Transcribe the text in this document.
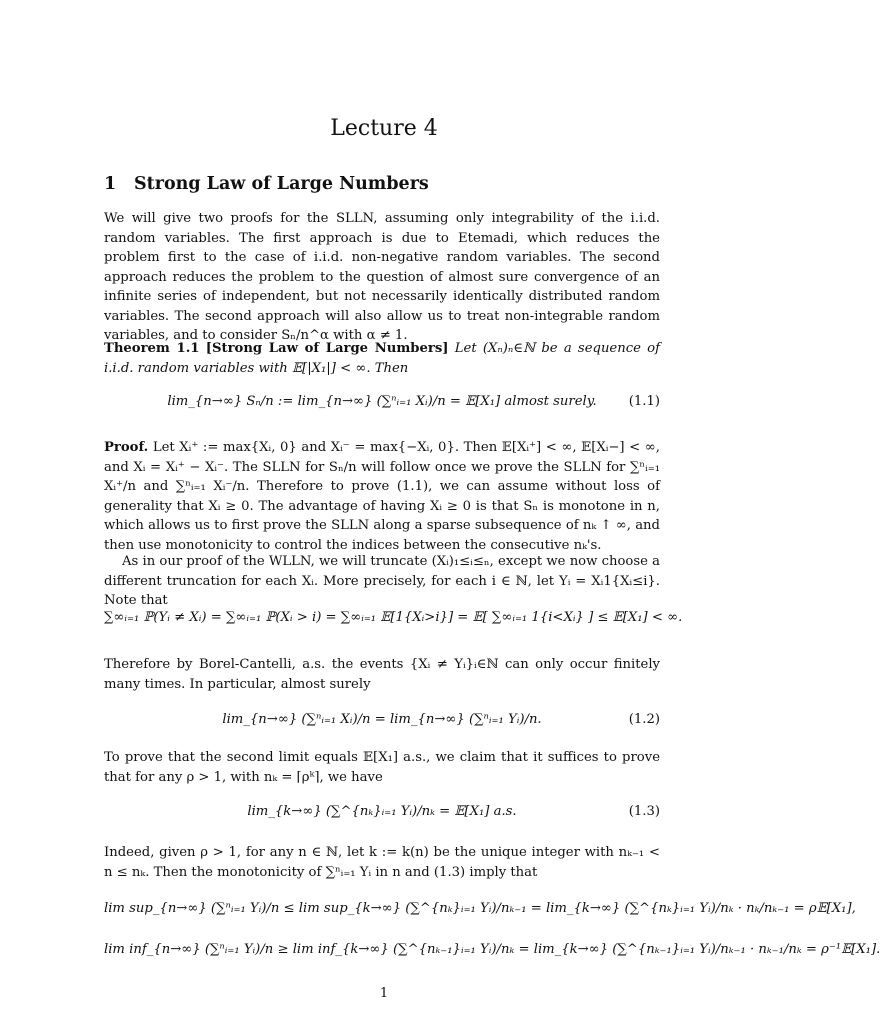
Lecture 4
1 Strong Law of Large Numbers
We will give two proofs for the SLLN, assuming only integrability of the i.i.d. random variables. The first approach is due to Etemadi, which reduces the problem first to the case of i.i.d. non-negative random variables. The second approach reduces the problem to the question of almost sure convergence of an infinite series of independent, but not necessarily identically distributed random variables. The second approach will also allow us to treat non-integrable random variables, and to consider Sₙ/n^α with α ≠ 1.
Theorem 1.1 [Strong Law of Large Numbers] Let (Xₙ)ₙ∈ℕ be a sequence of i.i.d. random variables with 𝔼[|X₁|] < ∞. Then
lim_{n→∞} Sₙ/n := lim_{n→∞} (∑ⁿᵢ₌₁ Xᵢ)/n = 𝔼[X₁] almost surely.	(1.1)
Proof. Let Xᵢ⁺ := max{Xᵢ, 0} and Xᵢ⁻ = max{−Xᵢ, 0}. Then 𝔼[Xᵢ⁺] < ∞, 𝔼[Xᵢ−] < ∞, and Xᵢ = Xᵢ⁺ − Xᵢ⁻. The SLLN for Sₙ/n will follow once we prove the SLLN for ∑ⁿᵢ₌₁ Xᵢ⁺/n and ∑ⁿᵢ₌₁ Xᵢ⁻/n. Therefore to prove (1.1), we can assume without loss of generality that Xᵢ ≥ 0. The advantage of having Xᵢ ≥ 0 is that Sₙ is monotone in n, which allows us to first prove the SLLN along a sparse subsequence of nₖ ↑ ∞, and then use monotonicity to control the indices between the consecutive nₖ's.
As in our proof of the WLLN, we will truncate (Xᵢ)₁≤ᵢ≤ₙ, except we now choose a different truncation for each Xᵢ. More precisely, for each i ∈ ℕ, let Yᵢ = Xᵢ1{Xᵢ≤i}. Note that
∑∞ᵢ₌₁ ℙ(Yᵢ ≠ Xᵢ) = ∑∞ᵢ₌₁ ℙ(Xᵢ > i) = ∑∞ᵢ₌₁ 𝔼[1{Xᵢ>i}] = 𝔼[ ∑∞ᵢ₌₁ 1{i<Xᵢ} ] ≤ 𝔼[X₁] < ∞.
Therefore by Borel-Cantelli, a.s. the events {Xᵢ ≠ Yᵢ}ᵢ∈ℕ can only occur finitely many times. In particular, almost surely
lim_{n→∞} (∑ⁿᵢ₌₁ Xᵢ)/n = lim_{n→∞} (∑ⁿᵢ₌₁ Yᵢ)/n.	(1.2)
To prove that the second limit equals 𝔼[X₁] a.s., we claim that it suffices to prove that for any ρ > 1, with nₖ = ⌈ρᵏ⌉, we have
lim_{k→∞} (∑^{nₖ}ᵢ₌₁ Yᵢ)/nₖ = 𝔼[X₁] a.s.	(1.3)
Indeed, given ρ > 1, for any n ∈ ℕ, let k := k(n) be the unique integer with nₖ₋₁ < n ≤ nₖ. Then the monotonicity of ∑ⁿᵢ₌₁ Yᵢ in n and (1.3) imply that
lim sup_{n→∞} (∑ⁿᵢ₌₁ Yᵢ)/n ≤ lim sup_{k→∞} (∑^{nₖ}ᵢ₌₁ Yᵢ)/nₖ₋₁ = lim_{k→∞} (∑^{nₖ}ᵢ₌₁ Yᵢ)/nₖ · nₖ/nₖ₋₁ = ρ𝔼[X₁],
lim inf_{n→∞} (∑ⁿᵢ₌₁ Yᵢ)/n ≥ lim inf_{k→∞} (∑^{nₖ₋₁}ᵢ₌₁ Yᵢ)/nₖ = lim_{k→∞} (∑^{nₖ₋₁}ᵢ₌₁ Yᵢ)/nₖ₋₁ · nₖ₋₁/nₖ = ρ⁻¹𝔼[X₁].
1
